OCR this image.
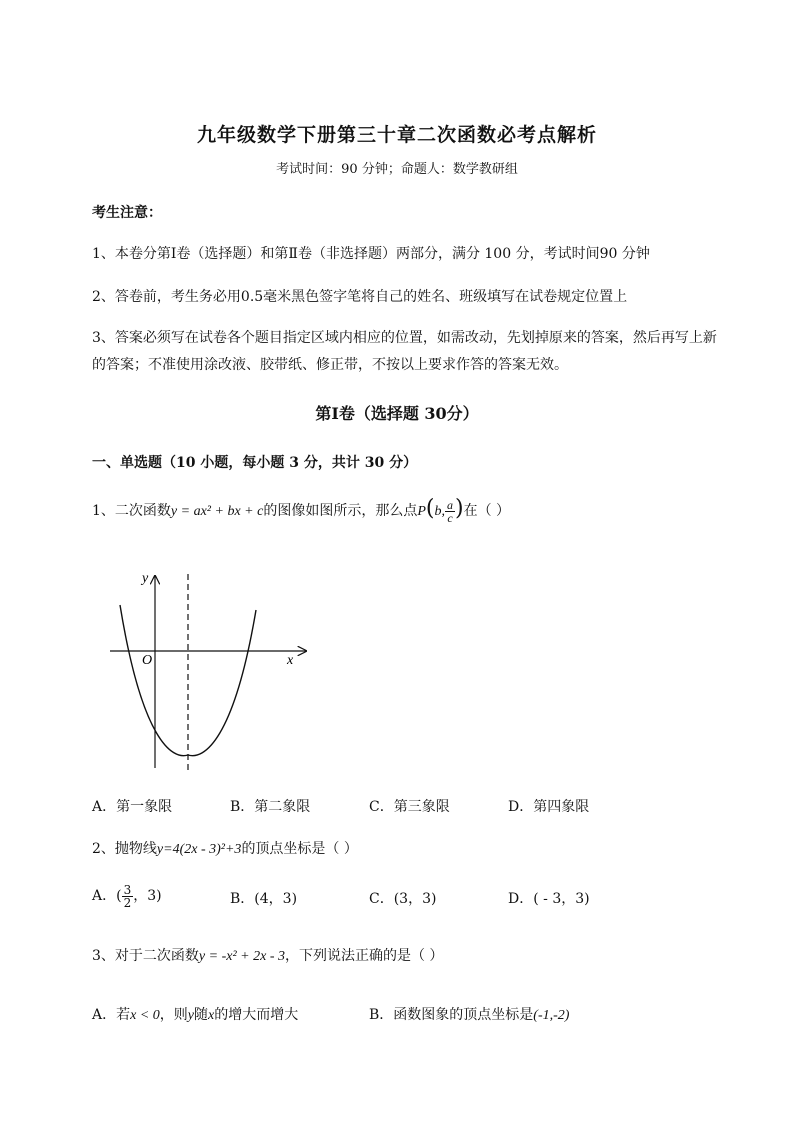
九年级数学下册第三十章二次函数必考点解析
考试时间：90 分钟；命题人：数学教研组
考生注意：
1、本卷分第Ⅰ卷（选择题）和第Ⅱ卷（非选择题）两部分，满分 100 分，考试时间90 分钟
2、答卷前，考生务必用0.5毫米黑色签字笔将自己的姓名、班级填写在试卷规定位置上
3、答案必须写在试卷各个题目指定区域内相应的位置，如需改动，先划掉原来的答案，然后再写上新
的答案；不准使用涂改液、胶带纸、修正带，不按以上要求作答的答案无效。
第Ⅰ卷（选择题 30分）
一、单选题（10 小题，每小题 3 分，共计 30 分）
1、二次函数y = ax² + bx + c的图像如图所示，那么点P(b, $\frac{a}{c}$ )在（ ）
y
x
O
A．第一象限	B．第二象限	C．第三象限	D．第四象限
2、抛物线y=4(2x - 3)²+3的顶点坐标是（ ）
A．( $\frac{3}{2}$ ，3)	B．(4，3)	C．(3，3)	D．( - 3，3)
3、对于二次函数y = -x² + 2x - 3，下列说法正确的是（ ）
A．若x < 0，则y随x的增大而增大	B．函数图象的顶点坐标是(-1,-2)
